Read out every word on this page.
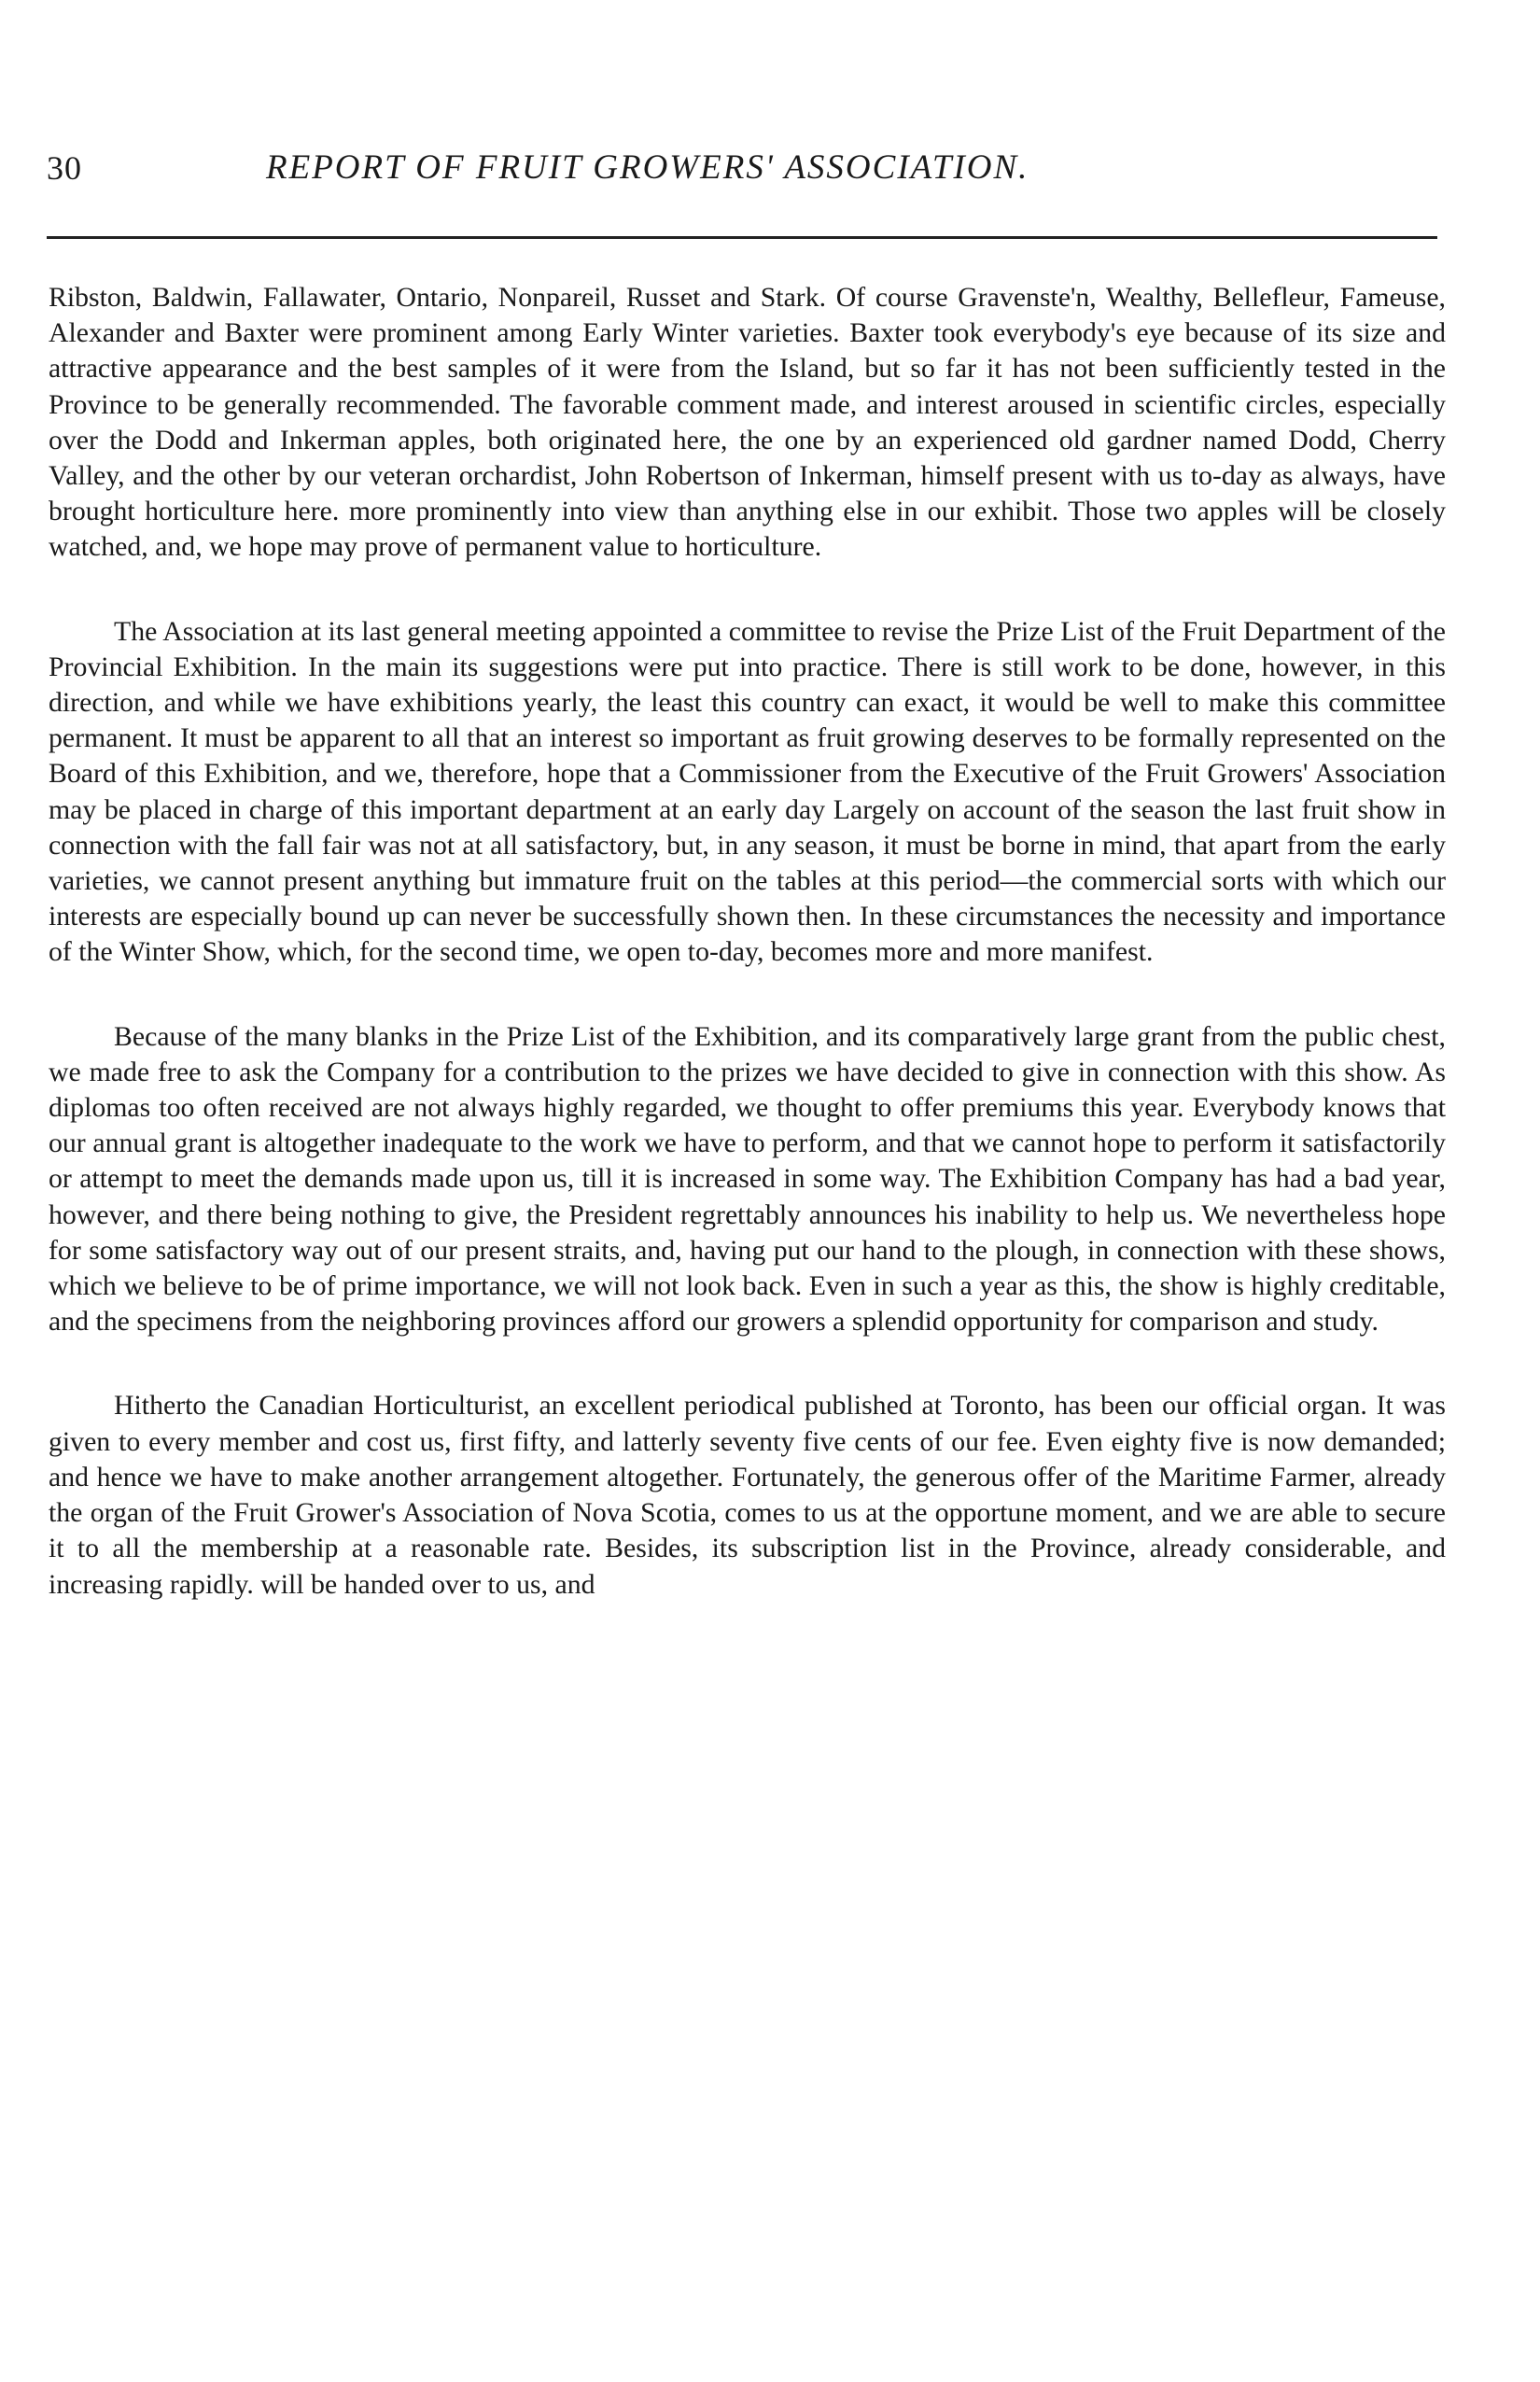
30	REPORT OF FRUIT GROWERS' ASSOCIATION.

Ribston, Baldwin, Fallawater, Ontario, Nonpareil, Russet and Stark. Of course Gravenste'n, Wealthy, Bellefleur, Fameuse, Alexander and Baxter were prominent among Early Winter varieties. Baxter took everybody's eye because of its size and attractive appearance and the best samples of it were from the Island, but so far it has not been sufficiently tested in the Province to be generally recommended. The favorable comment made, and interest aroused in scientific circles, especially over the Dodd and Inkerman apples, both originated here, the one by an experienced old gardner named Dodd, Cherry Valley, and the other by our veteran orchardist, John Robertson of Inkerman, himself present with us to-day as always, have brought horticulture here. more prominently into view than anything else in our exhibit. Those two apples will be closely watched, and, we hope may prove of permanent value to horticulture.

The Association at its last general meeting appointed a committee to revise the Prize List of the Fruit Department of the Provincial Exhibition. In the main its suggestions were put into practice. There is still work to be done, however, in this direction, and while we have exhibitions yearly, the least this country can exact, it would be well to make this committee permanent. It must be apparent to all that an interest so important as fruit growing deserves to be formally represented on the Board of this Exhibition, and we, therefore, hope that a Commissioner from the Executive of the Fruit Growers' Association may be placed in charge of this important department at an early day Largely on account of the season the last fruit show in connection with the fall fair was not at all satisfactory, but, in any season, it must be borne in mind, that apart from the early varieties, we cannot present anything but immature fruit on the tables at this period—the commercial sorts with which our interests are especially bound up can never be successfully shown then. In these circumstances the necessity and importance of the Winter Show, which, for the second time, we open to-day, becomes more and more manifest.

Because of the many blanks in the Prize List of the Exhibition, and its comparatively large grant from the public chest, we made free to ask the Company for a contribution to the prizes we have decided to give in connection with this show. As diplomas too often received are not always highly regarded, we thought to offer premiums this year. Everybody knows that our annual grant is altogether inadequate to the work we have to perform, and that we cannot hope to perform it satisfactorily or attempt to meet the demands made upon us, till it is increased in some way. The Exhibition Company has had a bad year, however, and there being nothing to give, the President regrettably announces his inability to help us. We nevertheless hope for some satisfactory way out of our present straits, and, having put our hand to the plough, in connection with these shows, which we believe to be of prime importance, we will not look back. Even in such a year as this, the show is highly creditable, and the specimens from the neighboring provinces afford our growers a splendid opportunity for comparison and study.

Hitherto the Canadian Horticulturist, an excellent periodical published at Toronto, has been our official organ. It was given to every member and cost us, first fifty, and latterly seventy five cents of our fee. Even eighty five is now demanded; and hence we have to make another arrangement altogether. Fortunately, the generous offer of the Maritime Farmer, already the organ of the Fruit Grower's Association of Nova Scotia, comes to us at the opportune moment, and we are able to secure it to all the membership at a reasonable rate. Besides, its subscription list in the Province, already considerable, and increasing rapidly. will be handed over to us, and
